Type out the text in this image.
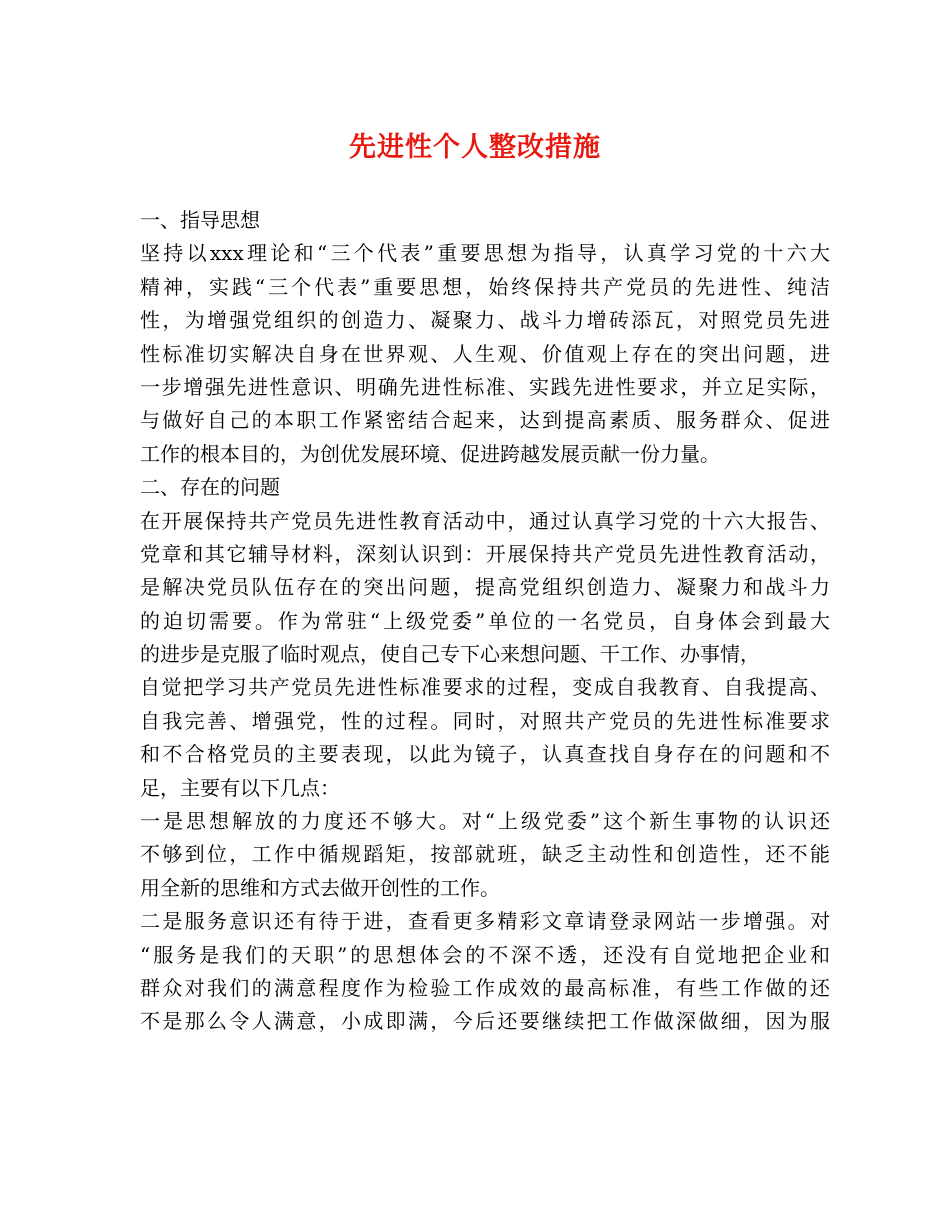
先进性个人整改措施
一、指导思想
坚持以xxx理论和“三个代表”重要思想为指导，认真学习党的十六大
精神，实践“三个代表”重要思想，始终保持共产党员的先进性、纯洁
性，为增强党组织的创造力、凝聚力、战斗力增砖添瓦，对照党员先进
性标准切实解决自身在世界观、人生观、价值观上存在的突出问题，进
一步增强先进性意识、明确先进性标准、实践先进性要求，并立足实际，
与做好自己的本职工作紧密结合起来，达到提高素质、服务群众、促进
工作的根本目的，为创优发展环境、促进跨越发展贡献一份力量。
二、存在的问题
在开展保持共产党员先进性教育活动中，通过认真学习党的十六大报告、
党章和其它辅导材料，深刻认识到：开展保持共产党员先进性教育活动，
是解决党员队伍存在的突出问题，提高党组织创造力、凝聚力和战斗力
的迫切需要。作为常驻“上级党委”单位的一名党员，自身体会到最大
的进步是克服了临时观点，使自己专下心来想问题、干工作、办事情，
自觉把学习共产党员先进性标准要求的过程，变成自我教育、自我提高、
自我完善、增强党，性的过程。同时，对照共产党员的先进性标准要求
和不合格党员的主要表现，以此为镜子，认真查找自身存在的问题和不
足，主要有以下几点：
一是思想解放的力度还不够大。对“上级党委”这个新生事物的认识还
不够到位，工作中循规蹈矩，按部就班，缺乏主动性和创造性，还不能
用全新的思维和方式去做开创性的工作。
二是服务意识还有待于进，查看更多精彩文章请登录网站一步增强。对
“服务是我们的天职”的思想体会的不深不透，还没有自觉地把企业和
群众对我们的满意程度作为检验工作成效的最高标准，有些工作做的还
不是那么令人满意，小成即满，今后还要继续把工作做深做细，因为服
